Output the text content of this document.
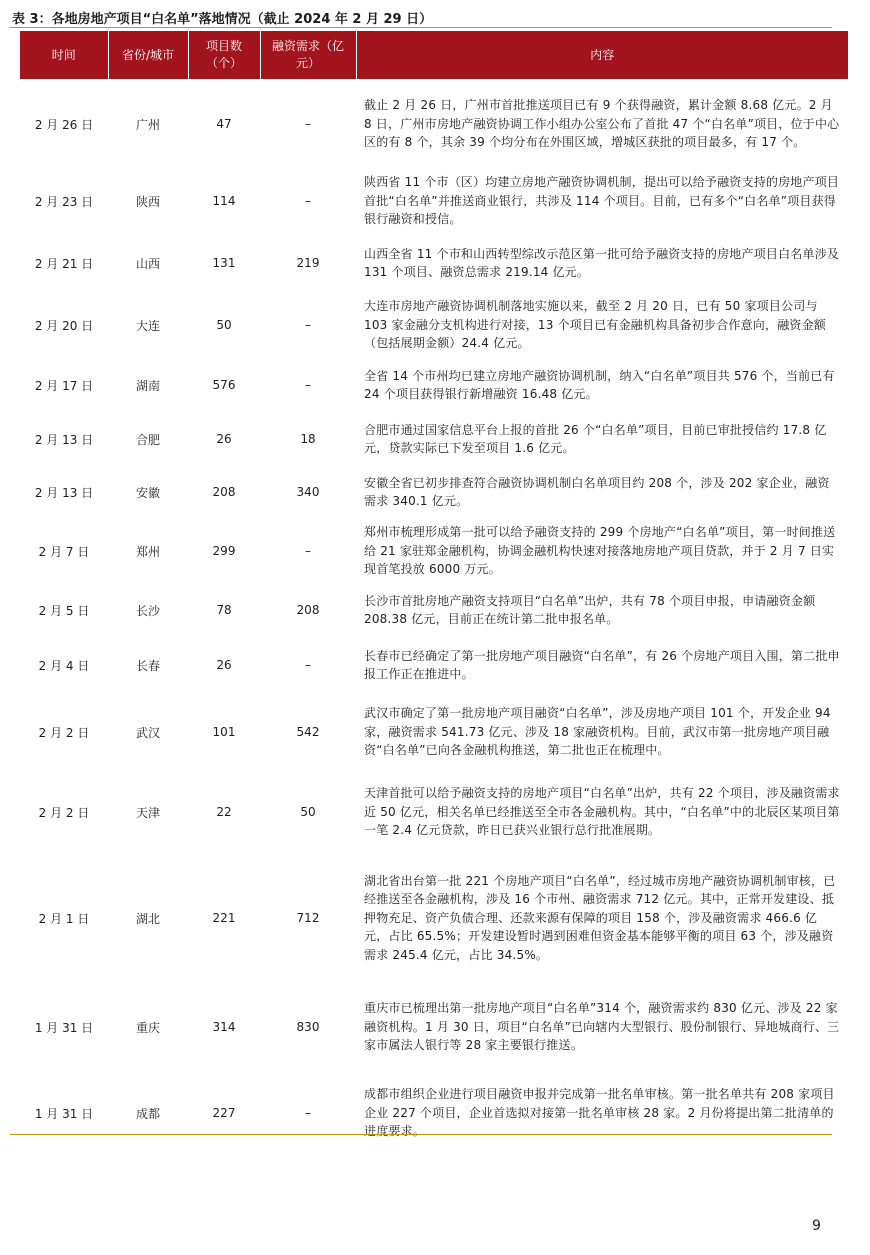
表 3：各地房地产项目“白名单”落地情况（截止 2024 年 2 月 29 日）
时间	省份/城市	项目数（个）	融资需求（亿元）	内容
2 月 26 日	广州	47	–	截止 2 月 26 日，广州市首批推送项目已有 9 个获得融资，累计金额 8.68 亿元。2 月 8 日，广州市房地产融资协调工作小组办公室公布了首批 47 个“白名单”项目，位于中心区的有 8 个，其余 39 个均分布在外围区域，增城区获批的项目最多，有 17 个。
2 月 23 日	陕西	114	–	陕西省 11 个市（区）均建立房地产融资协调机制，提出可以给予融资支持的房地产项目首批“白名单”并推送商业银行，共涉及 114 个项目。目前，已有多个“白名单”项目获得银行融资和授信。
2 月 21 日	山西	131	219	山西全省 11 个市和山西转型综改示范区第一批可给予融资支持的房地产项目白名单涉及 131 个项目、融资总需求 219.14 亿元。
2 月 20 日	大连	50	–	大连市房地产融资协调机制落地实施以来，截至 2 月 20 日，已有 50 家项目公司与 103 家金融分支机构进行对接，13 个项目已有金融机构具备初步合作意向，融资金额（包括展期金额）24.4 亿元。
2 月 17 日	湖南	576	–	全省 14 个市州均已建立房地产融资协调机制，纳入“白名单”项目共 576 个，当前已有 24 个项目获得银行新增融资 16.48 亿元。
2 月 13 日	合肥	26	18	合肥市通过国家信息平台上报的首批 26 个“白名单”项目，目前已审批授信约 17.8 亿元，贷款实际已下发至项目 1.6 亿元。
2 月 13 日	安徽	208	340	安徽全省已初步排查符合融资协调机制白名单项目约 208 个，涉及 202 家企业，融资需求 340.1 亿元。
2 月 7 日	郑州	299	–	郑州市梳理形成第一批可以给予融资支持的 299 个房地产“白名单”项目，第一时间推送给 21 家驻郑金融机构，协调金融机构快速对接落地房地产项目贷款，并于 2 月 7 日实现首笔投放 6000 万元。
2 月 5 日	长沙	78	208	长沙市首批房地产融资支持项目“白名单”出炉，共有 78 个项目申报，申请融资金额 208.38 亿元，目前正在统计第二批申报名单。
2 月 4 日	长春	26	–	长春市已经确定了第一批房地产项目融资“白名单”，有 26 个房地产项目入围，第二批申报工作正在推进中。
2 月 2 日	武汉	101	542	武汉市确定了第一批房地产项目融资“白名单”，涉及房地产项目 101 个，开发企业 94 家，融资需求 541.73 亿元、涉及 18 家融资机构。目前，武汉市第一批房地产项目融资“白名单”已向各金融机构推送，第二批也正在梳理中。
2 月 2 日	天津	22	50	天津首批可以给予融资支持的房地产项目“白名单”出炉，共有 22 个项目，涉及融资需求近 50 亿元，相关名单已经推送至全市各金融机构。其中，“白名单”中的北辰区某项目第一笔 2.4 亿元贷款，昨日已获兴业银行总行批准展期。
2 月 1 日	湖北	221	712	湖北省出台第一批 221 个房地产项目“白名单”，经过城市房地产融资协调机制审核，已经推送至各金融机构，涉及 16 个市州、融资需求 712 亿元。其中，正常开发建设、抵押物充足、资产负债合理、还款来源有保障的项目 158 个，涉及融资需求 466.6 亿元，占比 65.5%；开发建设暂时遇到困难但资金基本能够平衡的项目 63 个，涉及融资需求 245.4 亿元，占比 34.5%。
1 月 31 日	重庆	314	830	重庆市已梳理出第一批房地产项目“白名单”314 个，融资需求约 830 亿元、涉及 22 家融资机构。1 月 30 日，项目“白名单”已向辖内大型银行、股份制银行、异地城商行、三家市属法人银行等 28 家主要银行推送。
1 月 31 日	成都	227	–	成都市组织企业进行项目融资申报并完成第一批名单审核。第一批名单共有 208 家项目企业 227 个项目，企业首选拟对接第一批名单审核 28 家。2 月份将提出第二批清单的进度要求。
9
